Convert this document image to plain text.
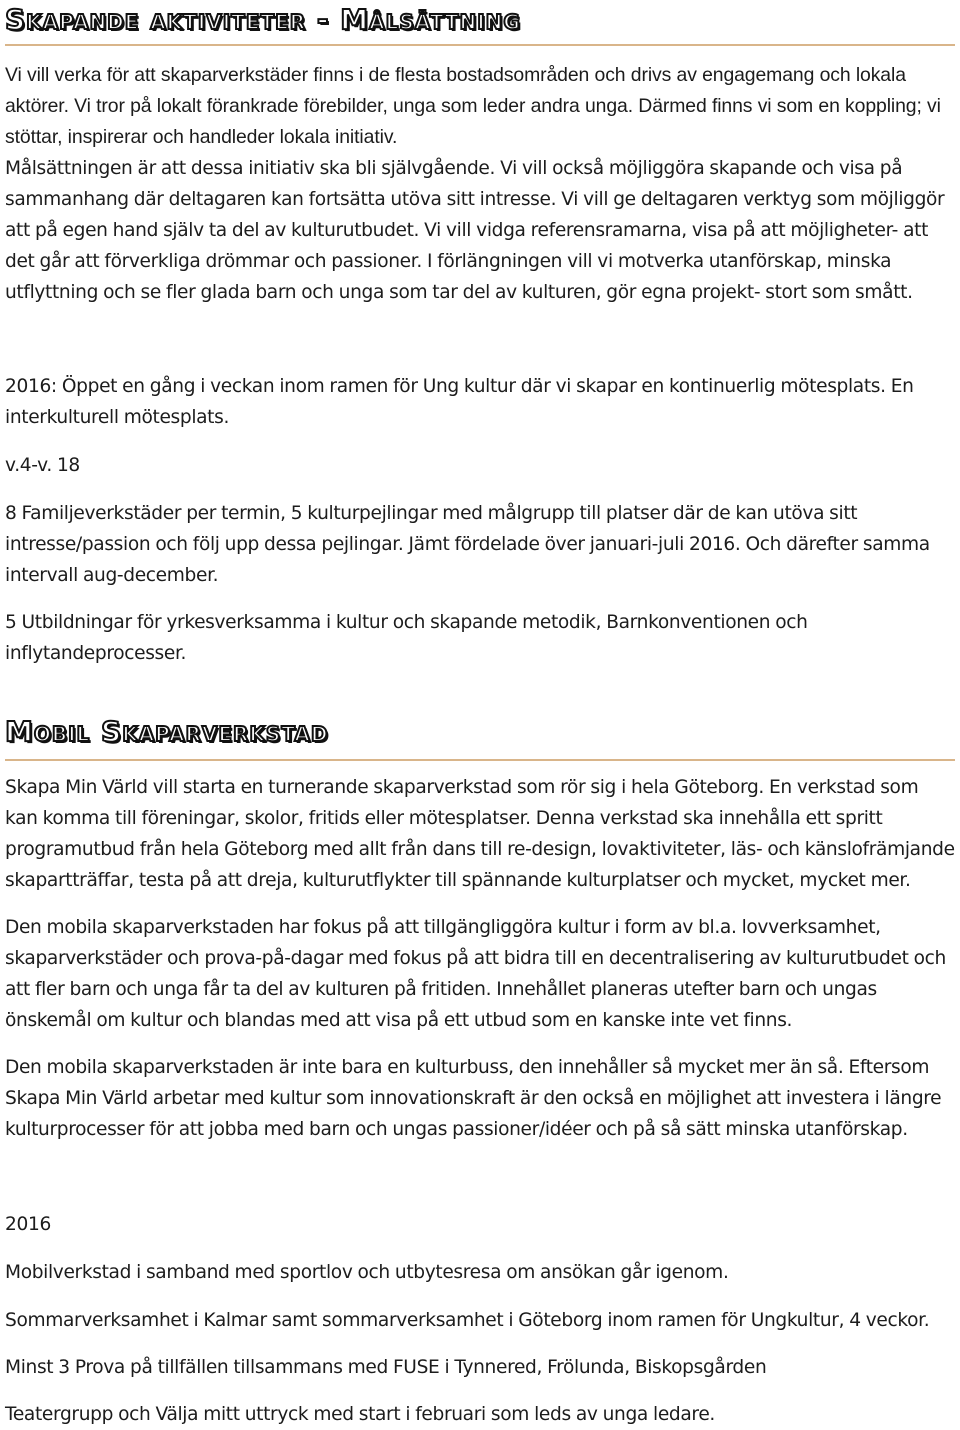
Skapande aktiviteter - Målsättning

Vi vill verka för att skaparverkstäder finns i de flesta bostadsområden och drivs av engagemang och lokala aktörer. Vi tror på lokalt förankrade förebilder, unga som leder andra unga. Därmed finns vi som en koppling; vi stöttar, inspirerar och handleder lokala initiativ.
Målsättningen är att dessa initiativ ska bli självgående. Vi vill också möjliggöra skapande och visa på sammanhang där deltagaren kan fortsätta utöva sitt intresse. Vi vill ge deltagaren verktyg som möjliggör att på egen hand själv ta del av kulturutbudet. Vi vill vidga referensramarna, visa på att möjligheter- att det går att förverkliga drömmar och passioner. I förlängningen vill vi motverka utanförskap, minska utflyttning och se fler glada barn och unga som tar del av kulturen, gör egna projekt- stort som smått.

2016: Öppet en gång i veckan inom ramen för Ung kultur där vi skapar en kontinuerlig mötesplats. En interkulturell mötesplats.

v.4-v. 18

8 Familjeverkstäder per termin, 5 kulturpejlingar med målgrupp till platser där de kan utöva sitt intresse/passion och följ upp dessa pejlingar. Jämt fördelade över januari-juli 2016. Och därefter samma intervall aug-december.

5 Utbildningar för yrkesverksamma i kultur och skapande metodik, Barnkonventionen och inflytandeprocesser.

Mobil Skaparverkstad

Skapa Min Värld vill starta en turnerande skaparverkstad som rör sig i hela Göteborg. En verkstad som kan komma till föreningar, skolor, fritids eller mötesplatser. Denna verkstad ska innehålla ett spritt programutbud från hela Göteborg med allt från dans till re-design, lovaktiviteter, läs- och känslofrämjande skapartträffar, testa på att dreja, kulturutflykter till spännande kulturplatser och mycket, mycket mer.

Den mobila skaparverkstaden har fokus på att tillgängliggöra kultur i form av bl.a. lovverksamhet, skaparverkstäder och prova-på-dagar med fokus på att bidra till en decentralisering av kulturutbudet och att fler barn och unga får ta del av kulturen på fritiden. Innehållet planeras utefter barn och ungas önskemål om kultur och blandas med att visa på ett utbud som en kanske inte vet finns.

Den mobila skaparverkstaden är inte bara en kulturbuss, den innehåller så mycket mer än så. Eftersom Skapa Min Värld arbetar med kultur som innovationskraft är den också en möjlighet att investera i längre kulturprocesser för att jobba med barn och ungas passioner/idéer och på så sätt minska utanförskap.

2016

Mobilverkstad i samband med sportlov och utbytesresa om ansökan går igenom.

Sommarverksamhet i Kalmar samt sommarverksamhet i Göteborg inom ramen för Ungkultur, 4 veckor.

Minst 3 Prova på tillfällen tillsammans med FUSE i Tynnered, Frölunda, Biskopsgården

Teatergrupp och Välja mitt uttryck med start i februari som leds av unga ledare.
